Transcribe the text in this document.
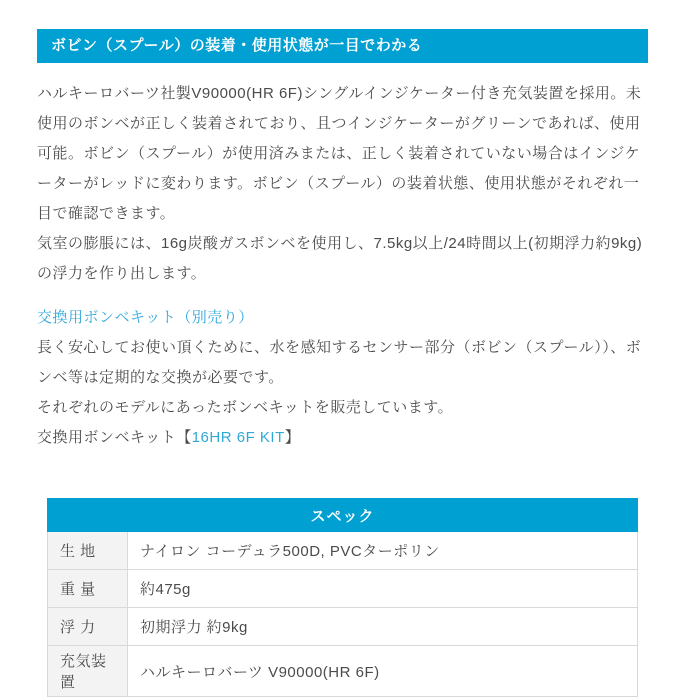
ボビン（スプール）の装着・使用状態が一目でわかる

ハルキーロバーツ社製V90000(HR 6F)シングルインジケーター付き充気装置を採用。未使用のボンベが正しく装着されており、且つインジケーターがグリーンであれば、使用可能。ボビン（スプール）が使用済みまたは、正しく装着されていない場合はインジケーターがレッドに変わります。ボビン（スプール）の装着状態、使用状態がそれぞれ一目で確認できます。

気室の膨脹には、16g炭酸ガスボンベを使用し、7.5kg以上/24時間以上(初期浮力約9kg)の浮力を作り出します。

交換用ボンベキット（別売り）

長く安心してお使い頂くために、水を感知するセンサー部分（ボビン（スプール））、ボンベ等は定期的な交換が必要です。

それぞれのモデルにあったボンベキットを販売しています。

交換用ボンベキット【16HR 6F KIT】

スペック	
生 地	ナイロン コーデュラ500D, PVCターポリン
重 量	約475g
浮 力	初期浮力 約9kg
充気装置	ハルキーロバーツ V90000(HR 6F)
